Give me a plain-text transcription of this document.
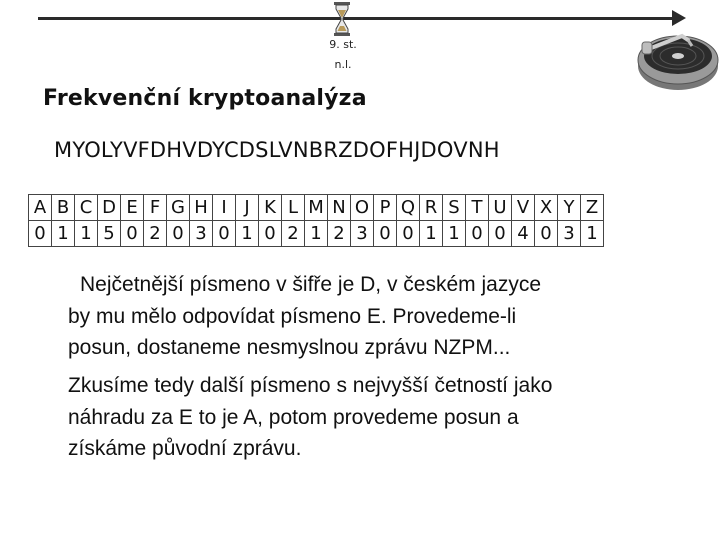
9. st.
n.l.
Frekvenční kryptoanalýza
MYOLYVFDHVDYCDSLVNBRZDOFHJDOVNH
A	B	C	D	E	F	G	H	I	J	K	L	M	N	O	P	Q	R	S	T	U	V	X	Y	Z
0	1	1	5	0	2	0	3	0	1	0	2	1	2	3	0	0	1	1	0	0	4	0	3	1
Nejčetnější písmeno v šifře je D, v českém jazyce
by mu mělo odpovídat písmeno E. Provedeme-li
posun, dostaneme nesmyslnou zprávu NZPM...
Zkusíme tedy další písmeno s nejvyšší četností jako
náhradu za E to je A, potom provedeme posun a
získáme původní zprávu.
